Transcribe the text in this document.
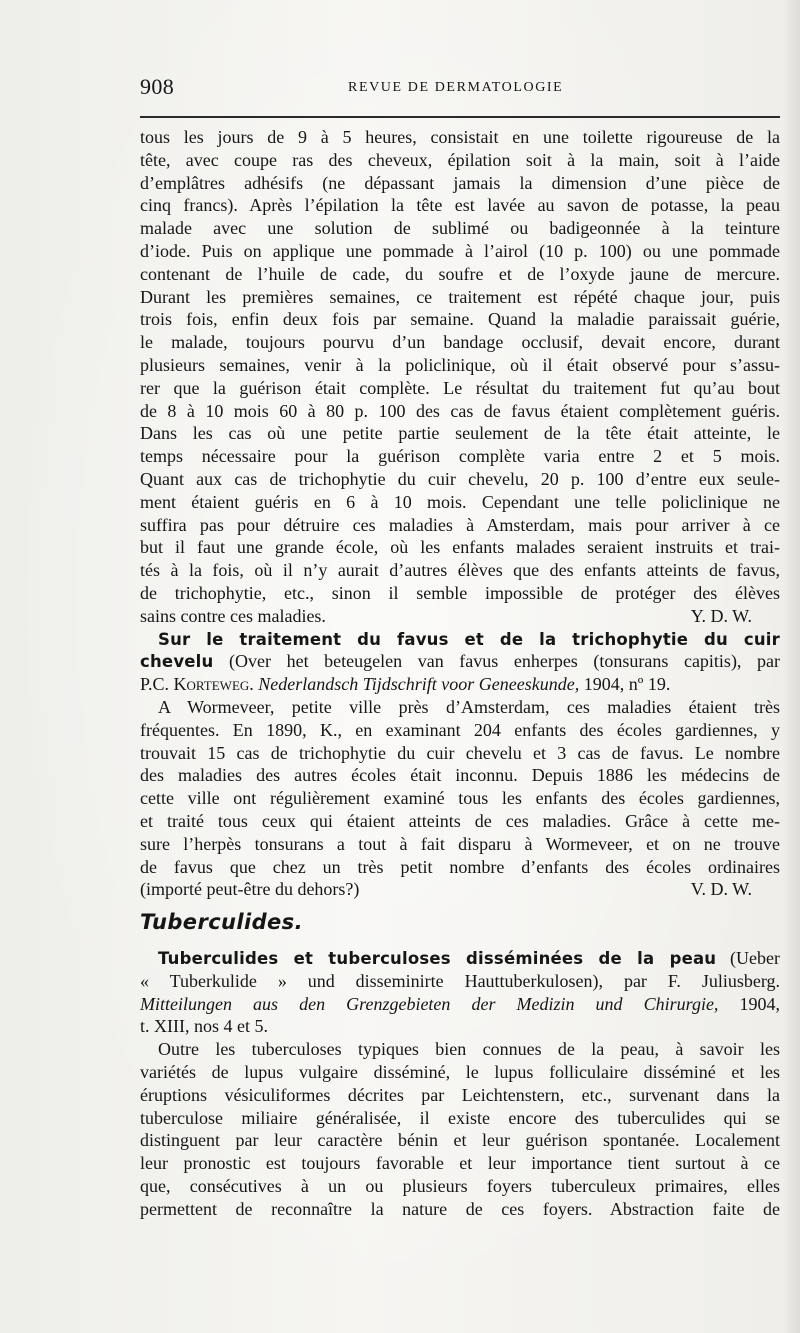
908	REVUE DE DERMATOLOGIE
tous les jours de 9 à 5 heures, consistait en une toilette rigoureuse de la
tête, avec coupe ras des cheveux, épilation soit à la main, soit à l’aide
d’emplâtres adhésifs (ne dépassant jamais la dimension d’une pièce de
cinq francs). Après l’épilation la tête est lavée au savon de potasse, la peau
malade avec une solution de sublimé ou badigeonnée à la teinture
d’iode. Puis on applique une pommade à l’airol (10 p. 100) ou une pommade
contenant de l’huile de cade, du soufre et de l’oxyde jaune de mercure.
Durant les premières semaines, ce traitement est répété chaque jour, puis
trois fois, enfin deux fois par semaine. Quand la maladie paraissait guérie,
le malade, toujours pourvu d’un bandage occlusif, devait encore, durant
plusieurs semaines, venir à la policlinique, où il était observé pour s’assu-
rer que la guérison était complète. Le résultat du traitement fut qu’au bout
de 8 à 10 mois 60 à 80 p. 100 des cas de favus étaient complètement guéris.
Dans les cas où une petite partie seulement de la tête était atteinte, le
temps nécessaire pour la guérison complète varia entre 2 et 5 mois.
Quant aux cas de trichophytie du cuir chevelu, 20 p. 100 d’entre eux seule-
ment étaient guéris en 6 à 10 mois. Cependant une telle policlinique ne
suffira pas pour détruire ces maladies à Amsterdam, mais pour arriver à ce
but il faut une grande école, où les enfants malades seraient instruits et trai-
tés à la fois, où il n’y aurait d’autres élèves que des enfants atteints de favus,
de trichophytie, etc., sinon il semble impossible de protéger des élèves
sains contre ces maladies.	Y. D. W.
Sur le traitement du favus et de la trichophytie du cuir
chevelu (Over het beteugelen van favus enherpes (tonsurans capitis), par
P.C. Korteweg. Nederlandsch Tijdschrift voor Geneeskunde, 1904, nº 19.
A Wormeveer, petite ville près d’Amsterdam, ces maladies étaient très
fréquentes. En 1890, K., en examinant 204 enfants des écoles gardiennes, y
trouvait 15 cas de trichophytie du cuir chevelu et 3 cas de favus. Le nombre
des maladies des autres écoles était inconnu. Depuis 1886 les médecins de
cette ville ont régulièrement examiné tous les enfants des écoles gardiennes,
et traité tous ceux qui étaient atteints de ces maladies. Grâce à cette me-
sure l’herpès tonsurans a tout à fait disparu à Wormeveer, et on ne trouve
de favus que chez un très petit nombre d’enfants des écoles ordinaires
(importé peut-être du dehors?)	V. D. W.
Tuberculides.
Tuberculides et tuberculoses disséminées de la peau (Ueber
« Tuberkulide » und disseminirte Hauttuberkulosen), par F. Juliusberg.
Mitteilungen aus den Grenzgebieten der Medizin und Chirurgie, 1904,
t. XIII, nos 4 et 5.
Outre les tuberculoses typiques bien connues de la peau, à savoir les
variétés de lupus vulgaire disséminé, le lupus folliculaire disséminé et les
éruptions vésiculiformes décrites par Leichtenstern, etc., survenant dans la
tuberculose miliaire généralisée, il existe encore des tuberculides qui se
distinguent par leur caractère bénin et leur guérison spontanée. Localement
leur pronostic est toujours favorable et leur importance tient surtout à ce
que, consécutives à un ou plusieurs foyers tuberculeux primaires, elles
permettent de reconnaître la nature de ces foyers. Abstraction faite de
